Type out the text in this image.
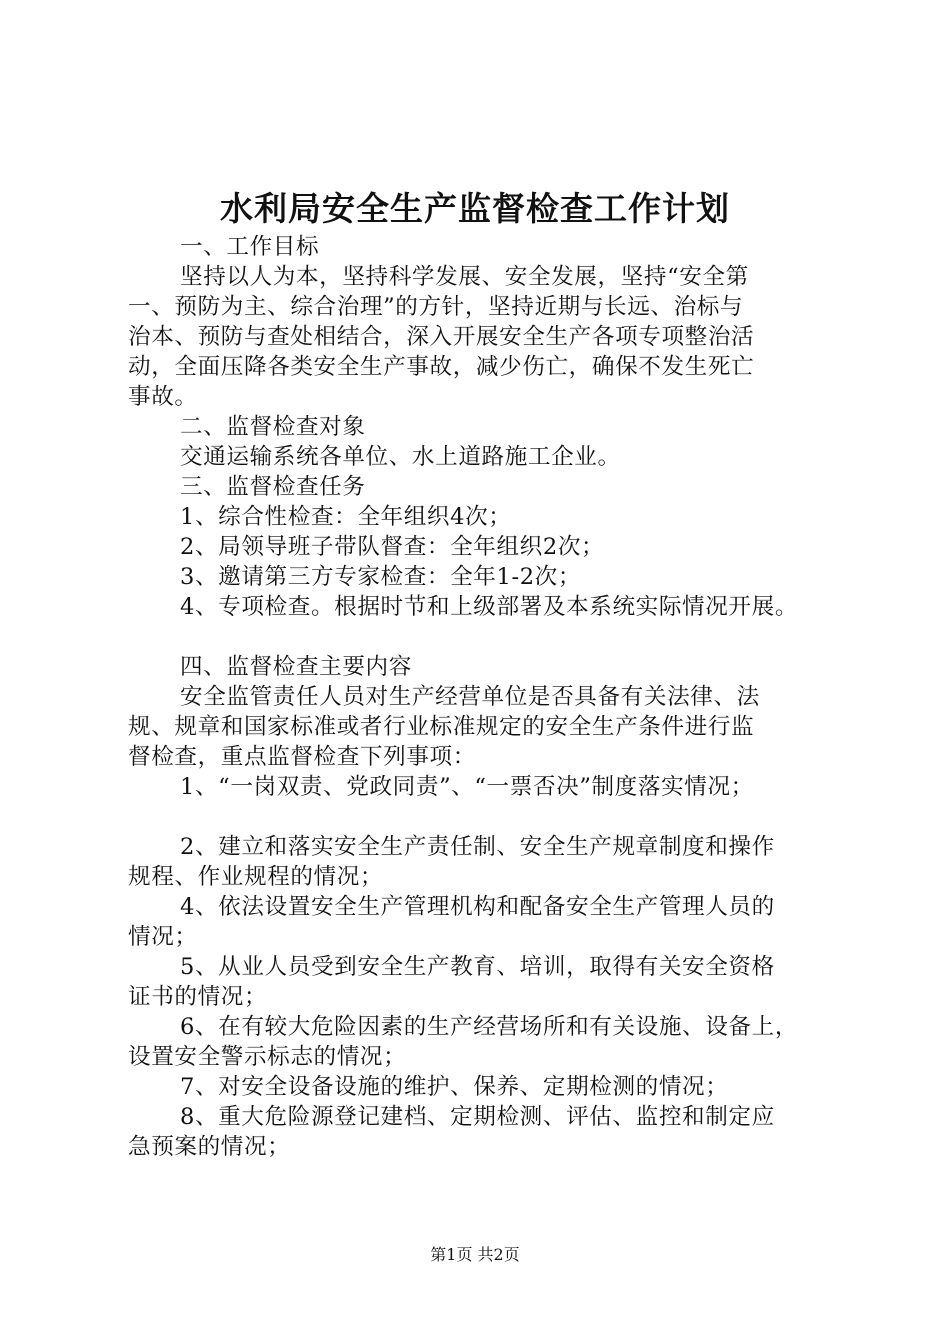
水利局安全生产监督检查工作计划

一、工作目标

坚持以人为本，坚持科学发展、安全发展，坚持“安全第

一、预防为主、综合治理”的方针，坚持近期与长远、治标与

治本、预防与查处相结合，深入开展安全生产各项专项整治活

动，全面压降各类安全生产事故，减少伤亡，确保不发生死亡

事故。

二、监督检查对象

交通运输系统各单位、水上道路施工企业。

三、监督检查任务

1、综合性检查：全年组织4次；

2、局领导班子带队督查：全年组织2次；

3、邀请第三方专家检查：全年1-2次；

4、专项检查。根据时节和上级部署及本系统实际情况开展。

四、监督检查主要内容

安全监管责任人员对生产经营单位是否具备有关法律、法

规、规章和国家标准或者行业标准规定的安全生产条件进行监

督检查，重点监督检查下列事项：

1、“一岗双责、党政同责”、“一票否决”制度落实情况；

2、建立和落实安全生产责任制、安全生产规章制度和操作

规程、作业规程的情况；

4、依法设置安全生产管理机构和配备安全生产管理人员的

情况；

5、从业人员受到安全生产教育、培训，取得有关安全资格

证书的情况；

6、在有较大危险因素的生产经营场所和有关设施、设备上，

设置安全警示标志的情况；

7、对安全设备设施的维护、保养、定期检测的情况；

8、重大危险源登记建档、定期检测、评估、监控和制定应

急预案的情况；

第1页 共2页
